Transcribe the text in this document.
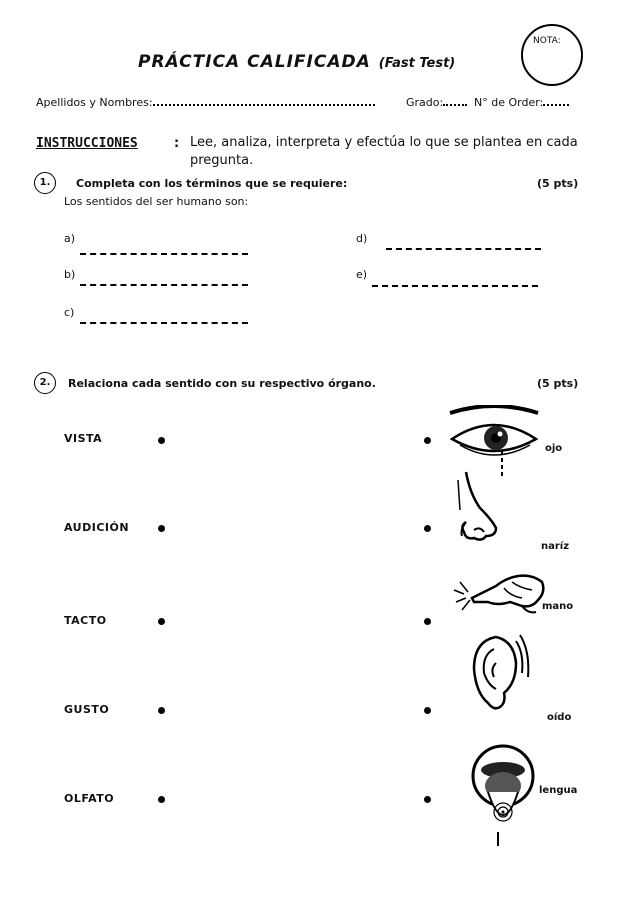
PRÁCTICA CALIFICADA (Fast Test)
NOTA:
Apellidos y Nombres:	Grado:	N° de Order:
INSTRUCCIONES	: Lee, analiza, interpreta y efectúa lo que se plantea en cada pregunta.
1.	Completa con los términos que se requiere:	(5 pts)
Los sentidos del ser humano son:
a)
b)
c)
d)
e)
2.	Relaciona cada sentido con su respectivo órgano.	(5 pts)
VISTA
AUDICIÓN
TACTO
GUSTO
OLFATO
ojo
naríz
mano
oído
lengua
